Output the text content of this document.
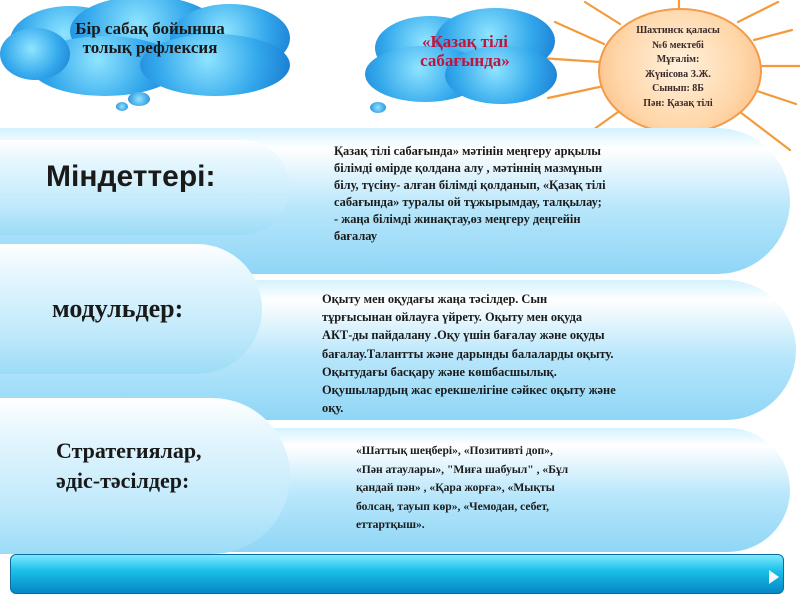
Бір сабақ бойынша
толық рефлексия	«Қазақ тілі
сабағында»
Шахтинск қаласы
№6 мектебі
Мұғалім:
Жүнісова З.Ж.
Сынып: 8Б
Пән: Қазақ тілі
Міндеттері:
Қазақ тілі сабағында» мәтінін меңгеру арқылы
білімді өмірде қолдана алу , мәтіннің мазмұнын
білу, түсіну- алған білімді қолданып, «Қазақ тілі
сабағында» туралы ой тұжырымдау, талқылау;
- жаңа білімді жинақтау,өз меңгеру деңгейін
бағалау
модульдер:	Оқыту мен оқудағы жаңа тәсілдер. Сын
тұрғысынан ойлауға үйрету. Оқыту мен оқуда
АКТ-ды пайдалану .Оқу үшін бағалау және оқуды
бағалау.Талантты және дарынды балаларды оқыту.
Оқытудағы басқару және көшбасшылық.
Оқушылардың жас ерекшелігіне сәйкес оқыту және
оқу.
Стратегиялар,
әдіс-тәсілдер:
«Шаттық шеңбері», «Позитивті доп»,
«Пән атаулары», "Миға шабуыл" , «Бұл
қандай пән» , «Қара жорға», «Мықты
болсаң, тауып көр», «Чемодан, себет,
еттартқыш».
